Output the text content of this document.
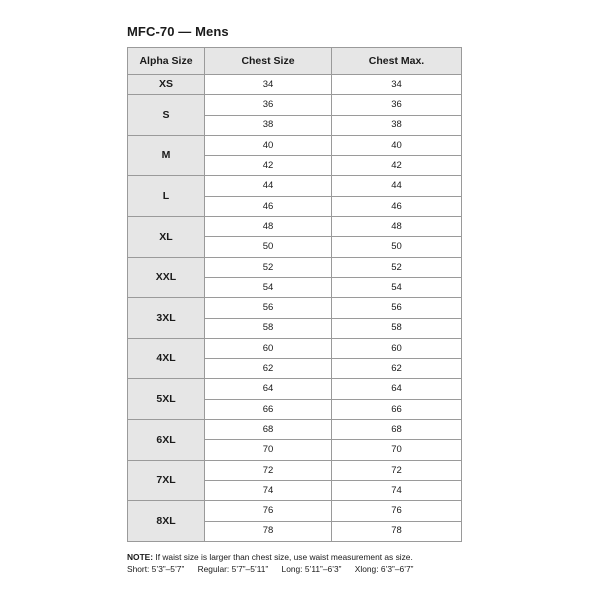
MFC-70 — Mens
Alpha Size	Chest Size	Chest Max.
XS	34	34
S	36	36
	38	38
M	40	40
	42	42
L	44	44
	46	46
XL	48	48
	50	50
XXL	52	52
	54	54
3XL	56	56
	58	58
4XL	60	60
	62	62
5XL	64	64
	66	66
6XL	68	68
	70	70
7XL	72	72
	74	74
8XL	76	76
	78	78
NOTE: If waist size is larger than chest size, use waist measurement as size.
Short: 5’3”–5’7” Regular: 5’7”–5’11” Long: 5’11”–6’3” Xlong: 6’3”–6’7”
